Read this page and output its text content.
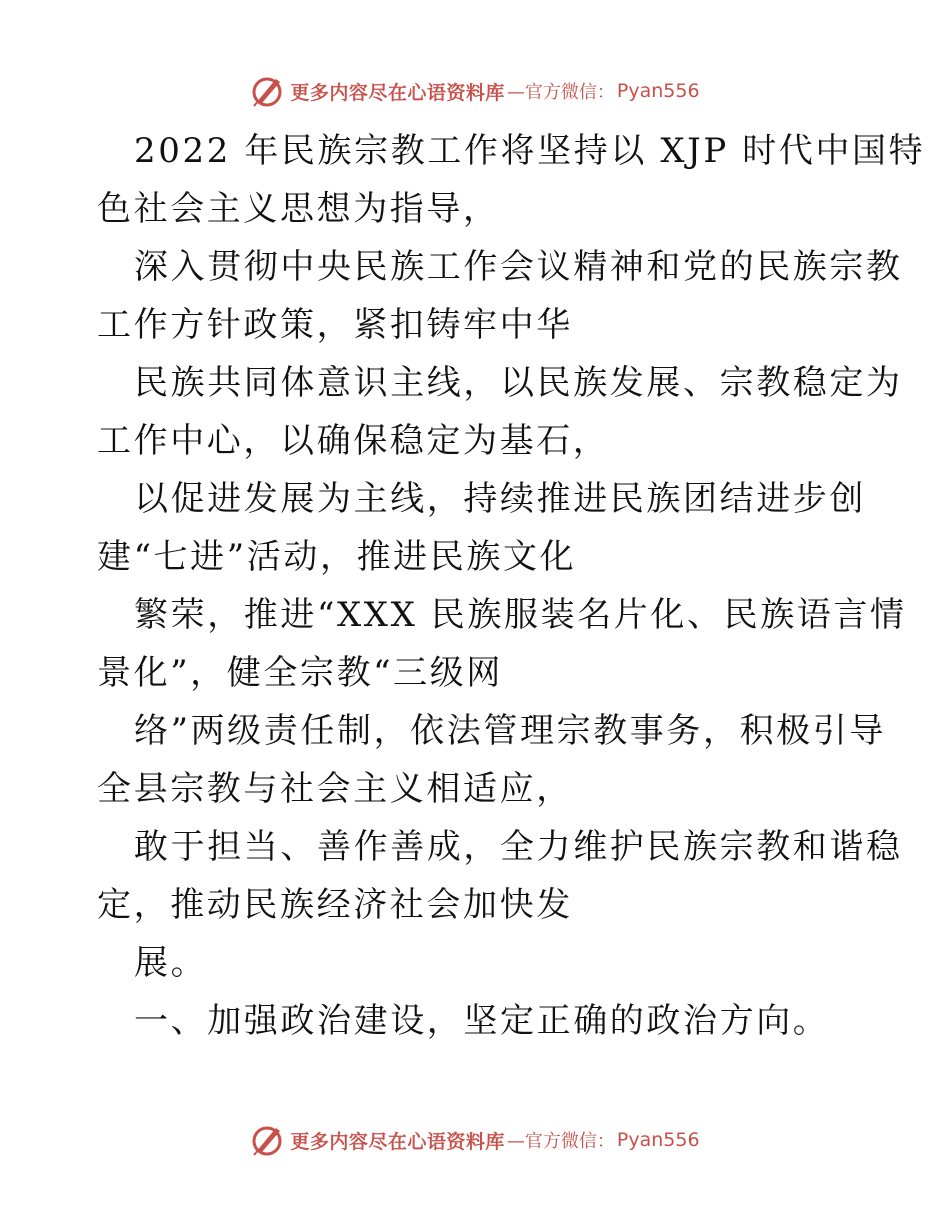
更多内容尽在心语资料库 —官方微信： Pyan556
2022 年民族宗教工作将坚持以 XJP 时代中国特
色社会主义思想为指导，
深入贯彻中央民族工作会议精神和党的民族宗教
工作方针政策，紧扣铸牢中华
民族共同体意识主线，以民族发展、宗教稳定为
工作中心，以确保稳定为基石，
以促进发展为主线，持续推进民族团结进步创
建“七进”活动，推进民族文化
繁荣，推进“XXX 民族服装名片化、民族语言情
景化”，健全宗教“三级网
络”两级责任制，依法管理宗教事务，积极引导
全县宗教与社会主义相适应，
敢于担当、善作善成，全力维护民族宗教和谐稳
定，推动民族经济社会加快发
展。
一、加强政治建设，坚定正确的政治方向。
更多内容尽在心语资料库 —官方微信： Pyan556
